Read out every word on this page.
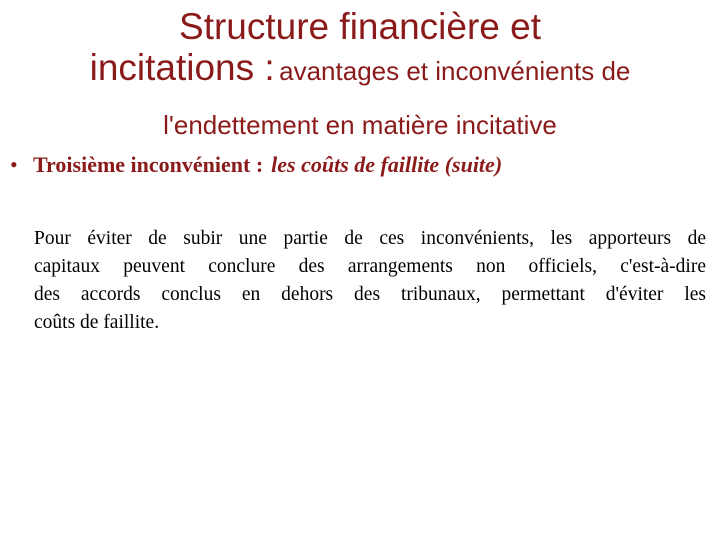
Structure financière et
incitations : avantages et inconvénients de
l'endettement en matière incitative
• Troisième inconvénient : les coûts de faillite (suite)
Pour éviter de subir une partie de ces inconvénients, les apporteurs de
capitaux peuvent conclure des arrangements non officiels, c'est-à-dire
des accords conclus en dehors des tribunaux, permettant d'éviter les
coûts de faillite.
